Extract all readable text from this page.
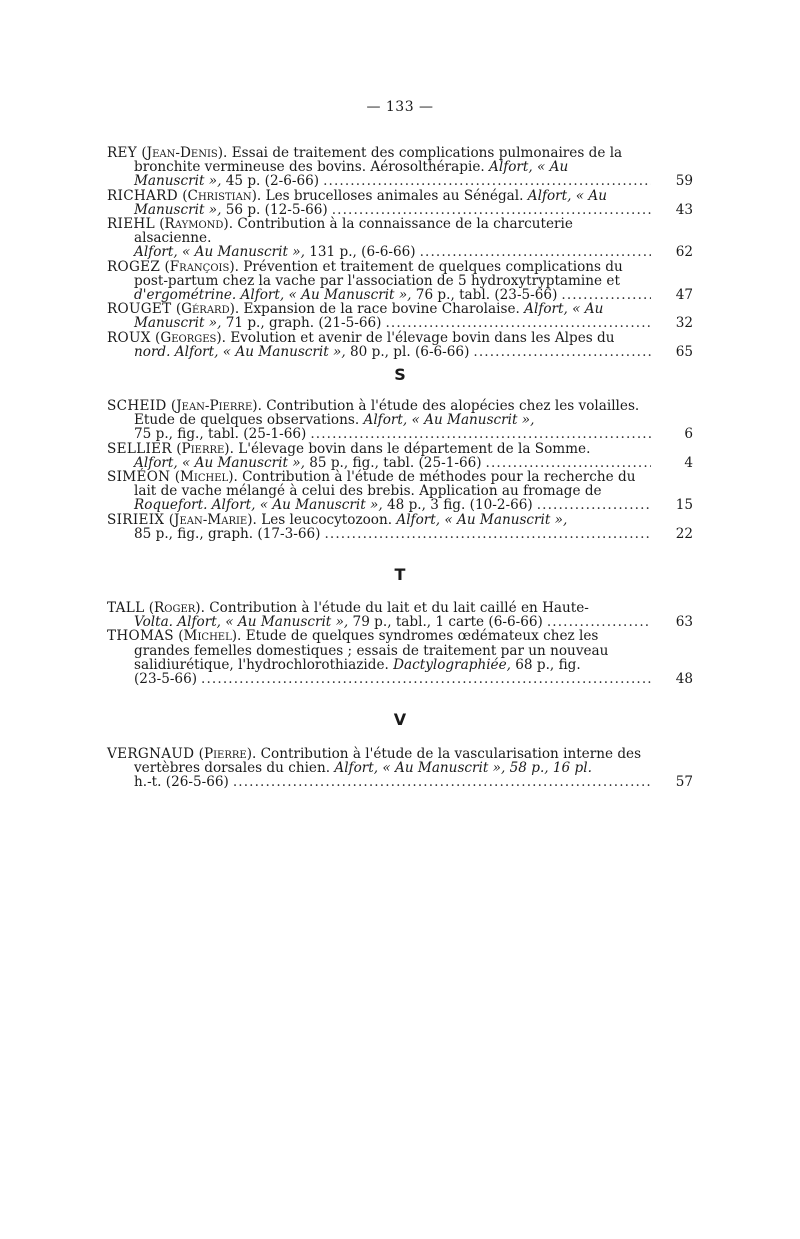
— 133 —
REY (Jean-Denis). Essai de traitement des complications pulmonaires de la bronchite vermineuse des bovins. Aérosolthérapie. Alfort, « Au
Manuscrit », 45 p. (2-6-66) . . .	59
RICHARD (Christian). Les brucelloses animales au Sénégal. Alfort, « Au
Manuscrit », 56 p. (12-5-66) . . .	43
RIEHL (Raymond). Contribution à la connaissance de la charcuterie alsacienne.
Alfort, « Au Manuscrit », 131 p., (6-6-66) . . .	62
ROGEZ (François). Prévention et traitement de quelques complications du post-partum chez la vache par l'association de 5 hydroxytryptamine et
d'ergométrine. Alfort, « Au Manuscrit », 76 p., tabl. (23-5-66) . . .	47
ROUGET (Gérard). Expansion de la race bovine Charolaise. Alfort, « Au
Manuscrit », 71 p., graph. (21-5-66) . . .	32
ROUX (Georges). Evolution et avenir de l'élevage bovin dans les Alpes du
nord. Alfort, « Au Manuscrit », 80 p., pl. (6-6-66) . . .	65
S
SCHEID (Jean-Pierre). Contribution à l'étude des alopécies chez les volailles. Etude de quelques observations. Alfort, « Au Manuscrit »,
75 p., fig., tabl. (25-1-66) . . .	6
SELLIER (Pierre). L'élevage bovin dans le département de la Somme.
Alfort, « Au Manuscrit », 85 p., fig., tabl. (25-1-66) . . .	4
SIMÉON (Michel). Contribution à l'étude de méthodes pour la recherche du lait de vache mélangé à celui des brebis. Application au fromage de
Roquefort. Alfort, « Au Manuscrit », 48 p., 3 fig. (10-2-66) . . .	15
SIRIEIX (Jean-Marie). Les leucocytozoon. Alfort, « Au Manuscrit »,
85 p., fig., graph. (17-3-66) . . .	22
T
TALL (Roger). Contribution à l'étude du lait et du lait caillé en Haute-
Volta. Alfort, « Au Manuscrit », 79 p., tabl., 1 carte (6-6-66) . . .	63
THOMAS (Michel). Etude de quelques syndromes œdémateux chez les grandes femelles domestiques ; essais de traitement par un nouveau salidiurétique, l'hydrochlorothiazide. Dactylographiée, 68 p., fig.
(23-5-66) . . .	48
V
VERGNAUD (Pierre). Contribution à l'étude de la vascularisation interne des vertèbres dorsales du chien. Alfort, « Au Manuscrit », 58 p., 16 pl.
h.-t. (26-5-66) . . .	57
